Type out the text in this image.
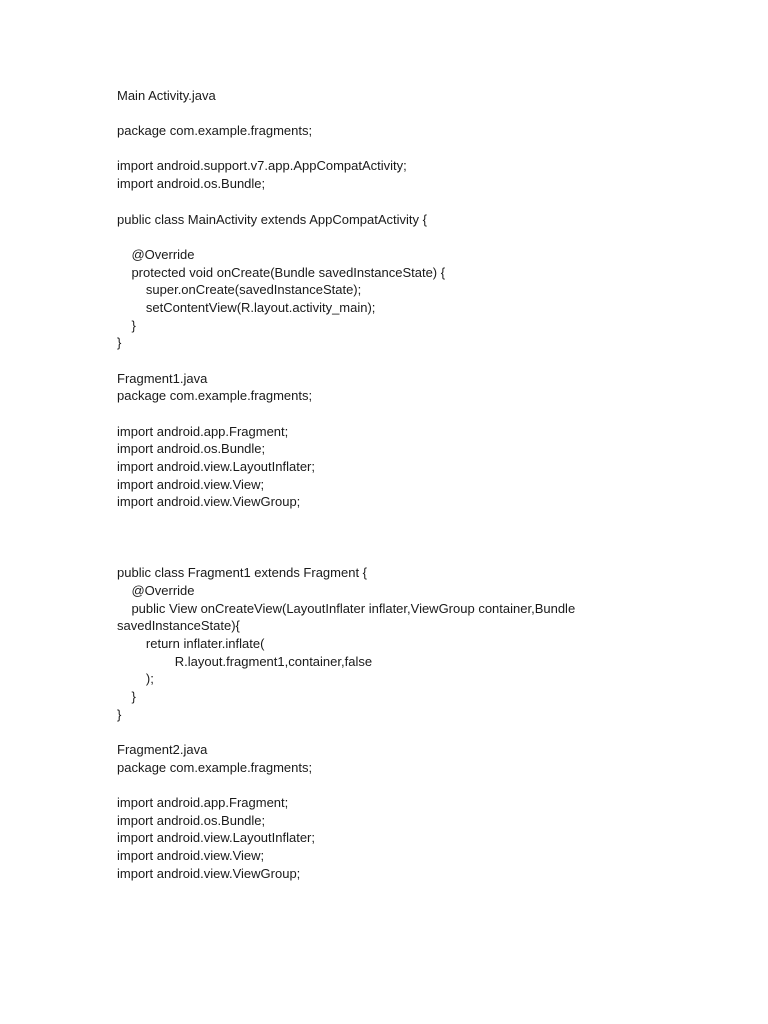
Main Activity.java
package com.example.fragments;
import android.support.v7.app.AppCompatActivity;
import android.os.Bundle;
public class MainActivity extends AppCompatActivity {
@Override
protected void onCreate(Bundle savedInstanceState) {
super.onCreate(savedInstanceState);
setContentView(R.layout.activity_main);
}
}
Fragment1.java
package com.example.fragments;
import android.app.Fragment;
import android.os.Bundle;
import android.view.LayoutInflater;
import android.view.View;
import android.view.ViewGroup;
public class Fragment1 extends Fragment {
@Override
public View onCreateView(LayoutInflater inflater,ViewGroup container,Bundle
savedInstanceState){
return inflater.inflate(
R.layout.fragment1,container,false
);
}
}
Fragment2.java
package com.example.fragments;
import android.app.Fragment;
import android.os.Bundle;
import android.view.LayoutInflater;
import android.view.View;
import android.view.ViewGroup;
